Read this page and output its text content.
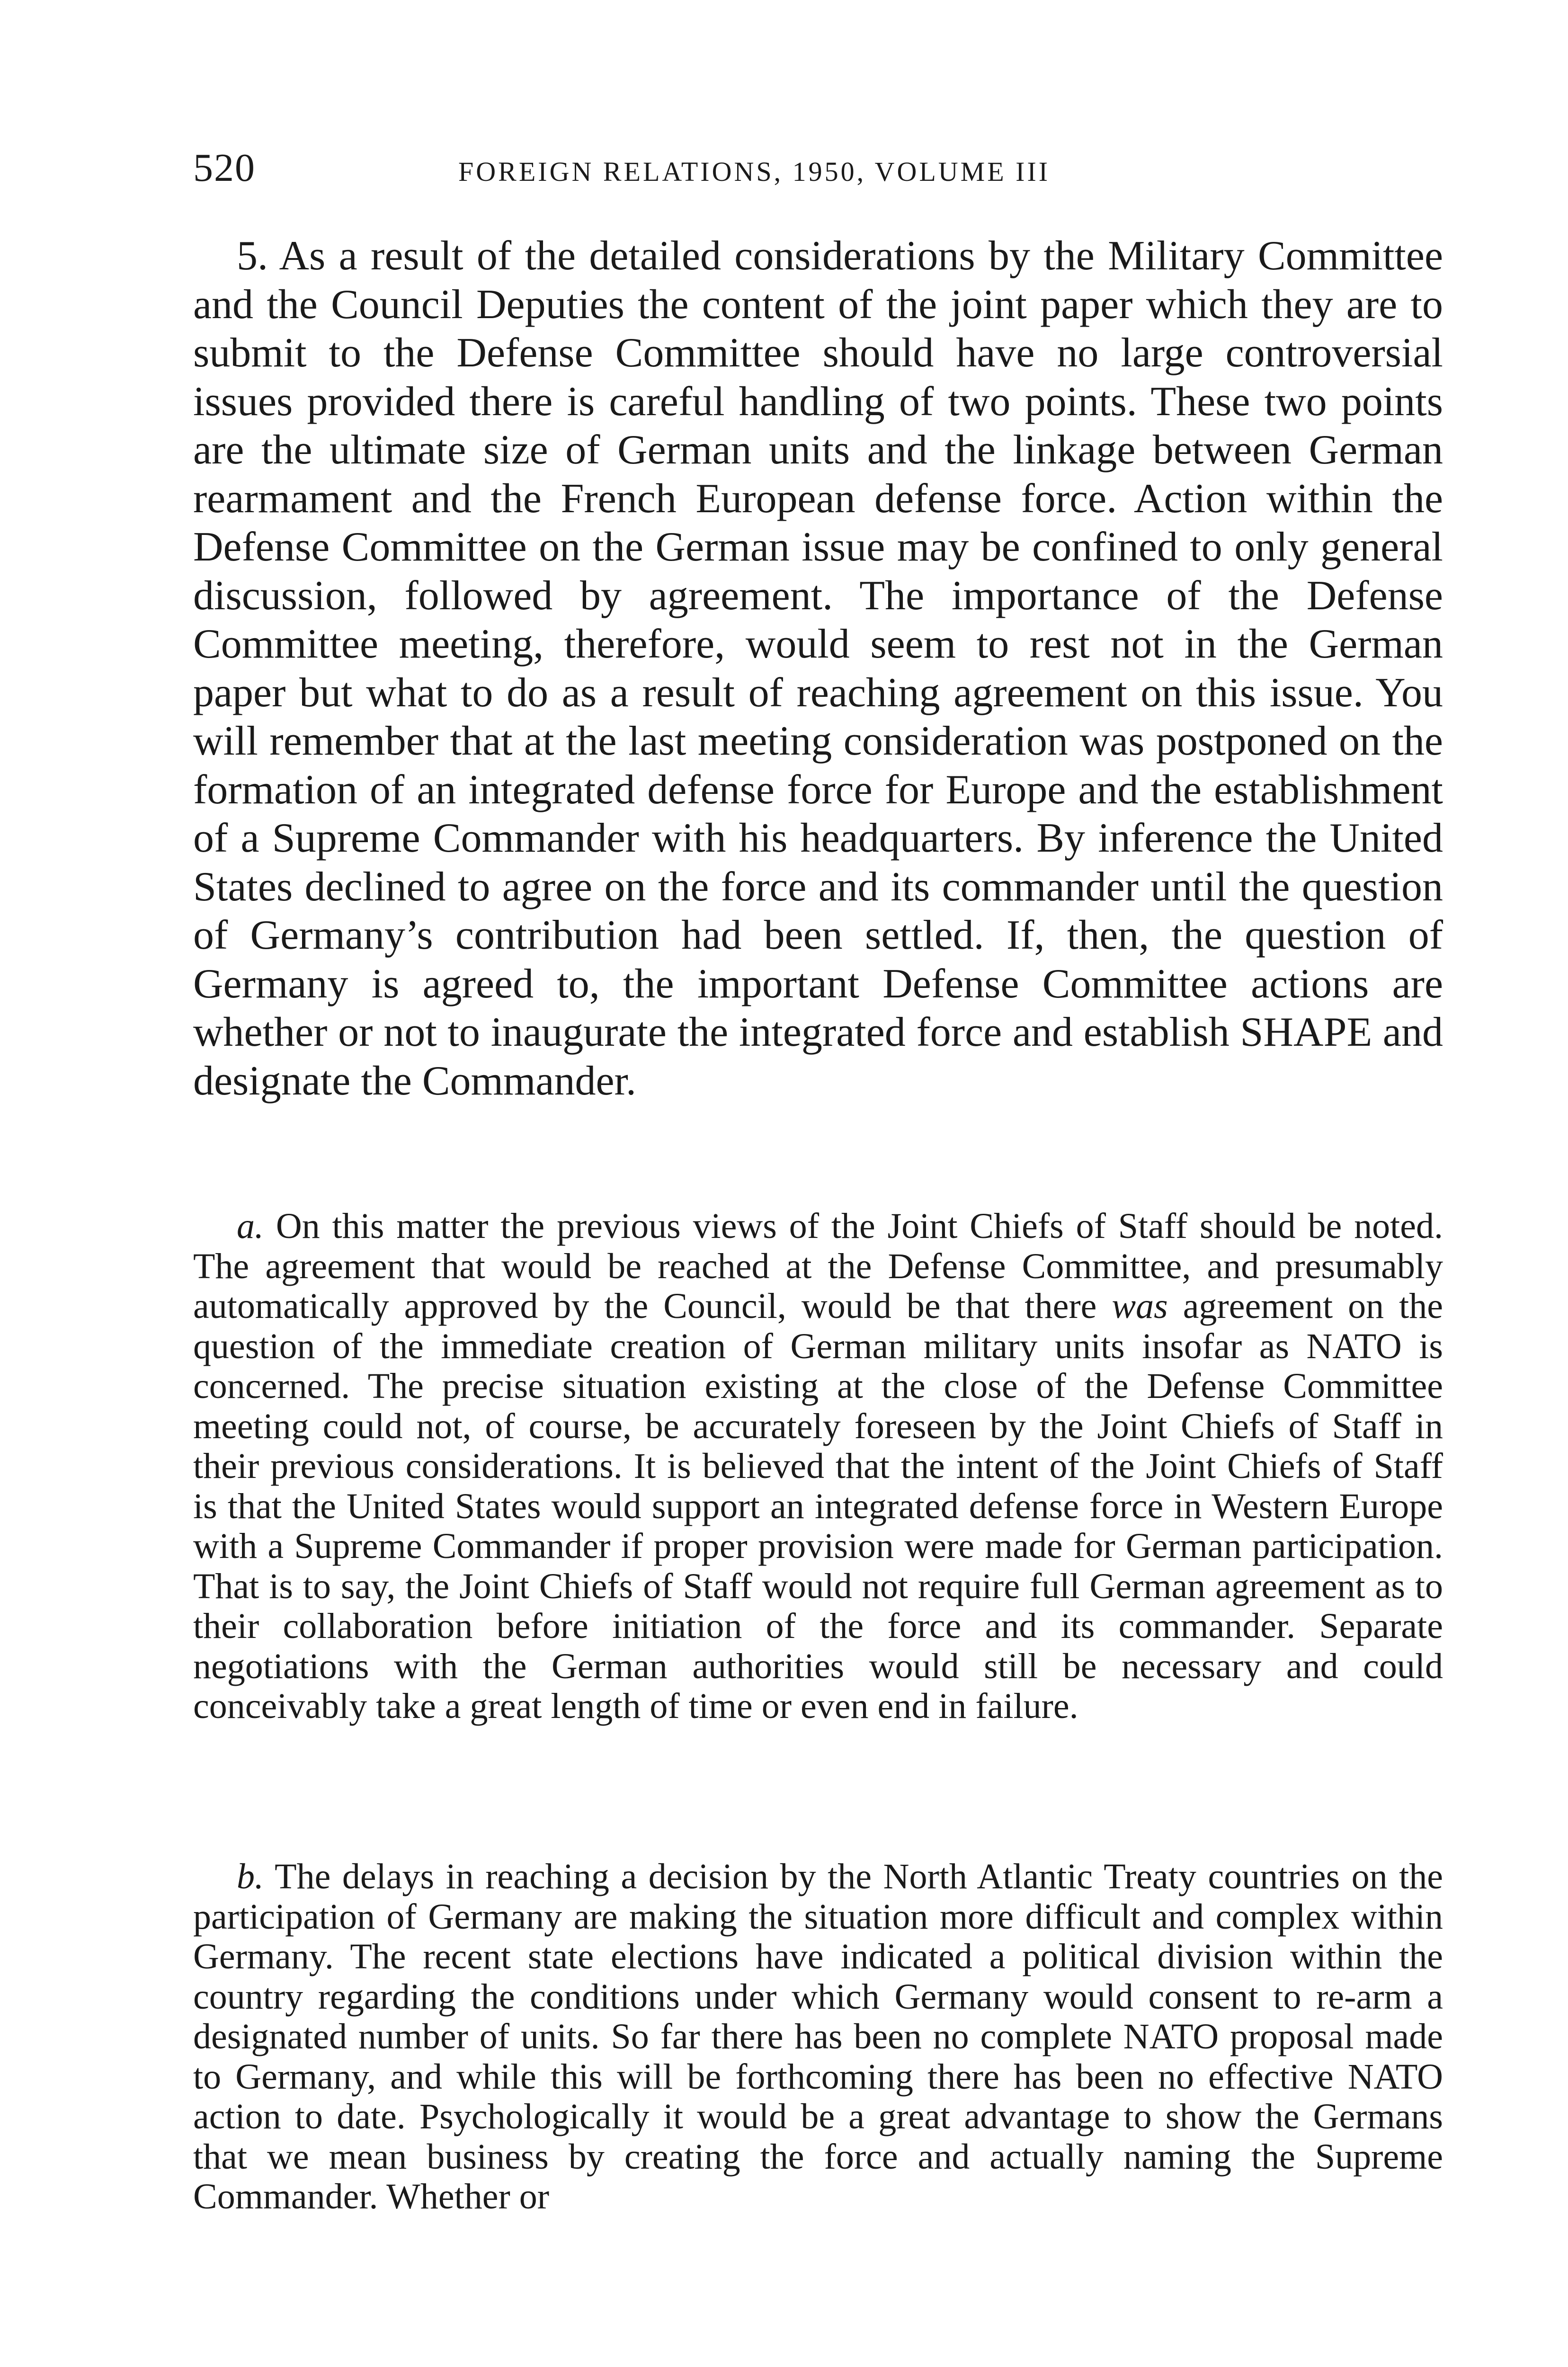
520	FOREIGN RELATIONS, 1950, VOLUME III

5. As a result of the detailed considerations by the Military Committee and the Council Deputies the content of the joint paper which they are to submit to the Defense Committee should have no large controversial issues provided there is careful handling of two points. These two points are the ultimate size of German units and the linkage between German rearmament and the French European defense force. Action within the Defense Committee on the German issue may be confined to only general discussion, followed by agreement. The importance of the Defense Committee meeting, therefore, would seem to rest not in the German paper but what to do as a result of reaching agreement on this issue. You will remember that at the last meeting consideration was postponed on the formation of an integrated defense force for Europe and the establishment of a Supreme Commander with his headquarters. By inference the United States declined to agree on the force and its commander until the question of Germany’s contribution had been settled. If, then, the question of Germany is agreed to, the important Defense Committee actions are whether or not to inaugurate the integrated force and establish SHAPE and designate the Commander.

a. On this matter the previous views of the Joint Chiefs of Staff should be noted. The agreement that would be reached at the Defense Committee, and presumably automatically approved by the Council, would be that there was agreement on the question of the immediate creation of German military units insofar as NATO is concerned. The precise situation existing at the close of the Defense Committee meeting could not, of course, be accurately foreseen by the Joint Chiefs of Staff in their previous considerations. It is believed that the intent of the Joint Chiefs of Staff is that the United States would support an integrated defense force in Western Europe with a Supreme Commander if proper provision were made for German participation. That is to say, the Joint Chiefs of Staff would not require full German agreement as to their collaboration before initiation of the force and its commander. Separate negotiations with the German authorities would still be necessary and could conceivably take a great length of time or even end in failure.

b. The delays in reaching a decision by the North Atlantic Treaty countries on the participation of Germany are making the situation more difficult and complex within Germany. The recent state elections have indicated a political division within the country regarding the conditions under which Germany would consent to re-arm a designated number of units. So far there has been no complete NATO proposal made to Germany, and while this will be forthcoming there has been no effective NATO action to date. Psychologically it would be a great advantage to show the Germans that we mean business by creating the force and actually naming the Supreme Commander. Whether or
